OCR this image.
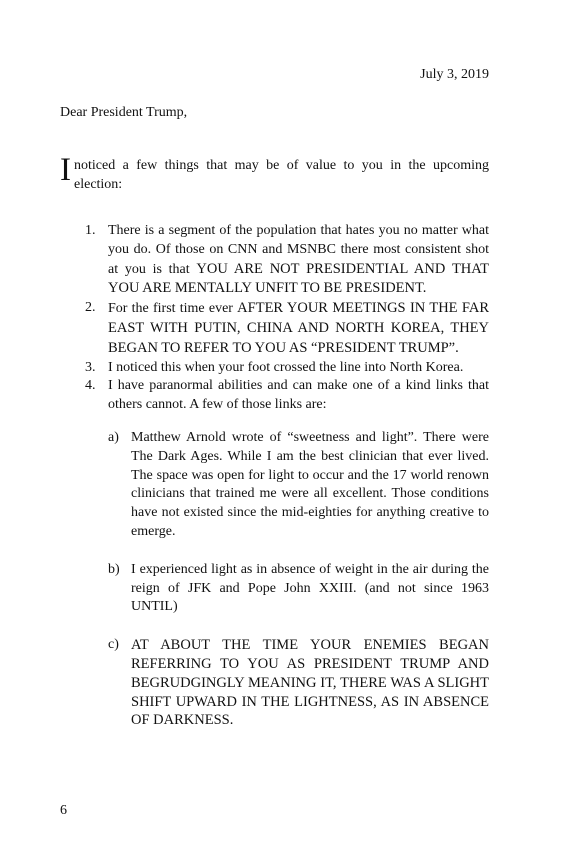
July 3, 2019
Dear President Trump,

I noticed a few things that may be of value to you in the upcoming election:

1. There is a segment of the population that hates you no matter what you do. Of those on CNN and MSNBC there most consistent shot at you is that YOU ARE NOT PRESIDENTIAL AND THAT YOU ARE MENTALLY UNFIT TO BE PRESIDENT.
2. For the first time ever AFTER YOUR MEETINGS IN THE FAR EAST WITH PUTIN, CHINA AND NORTH KOREA, THEY BEGAN TO REFER TO YOU AS “PRESIDENT TRUMP”.
3. I noticed this when your foot crossed the line into North Korea.
4. I have paranormal abilities and can make one of a kind links that others cannot. A few of those links are:
a) Matthew Arnold wrote of “sweetness and light”. There were The Dark Ages. While I am the best clinician that ever lived. The space was open for light to occur and the 17 world renown clinicians that trained me were all excellent. Those conditions have not existed since the mid-eighties for anything creative to emerge.
b) I experienced light as in absence of weight in the air during the reign of JFK and Pope John XXIII. (and not since 1963 UNTIL)
c) AT ABOUT THE TIME YOUR ENEMIES BEGAN REFERRING TO YOU AS PRESIDENT TRUMP AND BEGRUDGINGLY MEANING IT, THERE WAS A SLIGHT SHIFT UPWARD IN THE LIGHTNESS, AS IN ABSENCE OF DARKNESS.
6
